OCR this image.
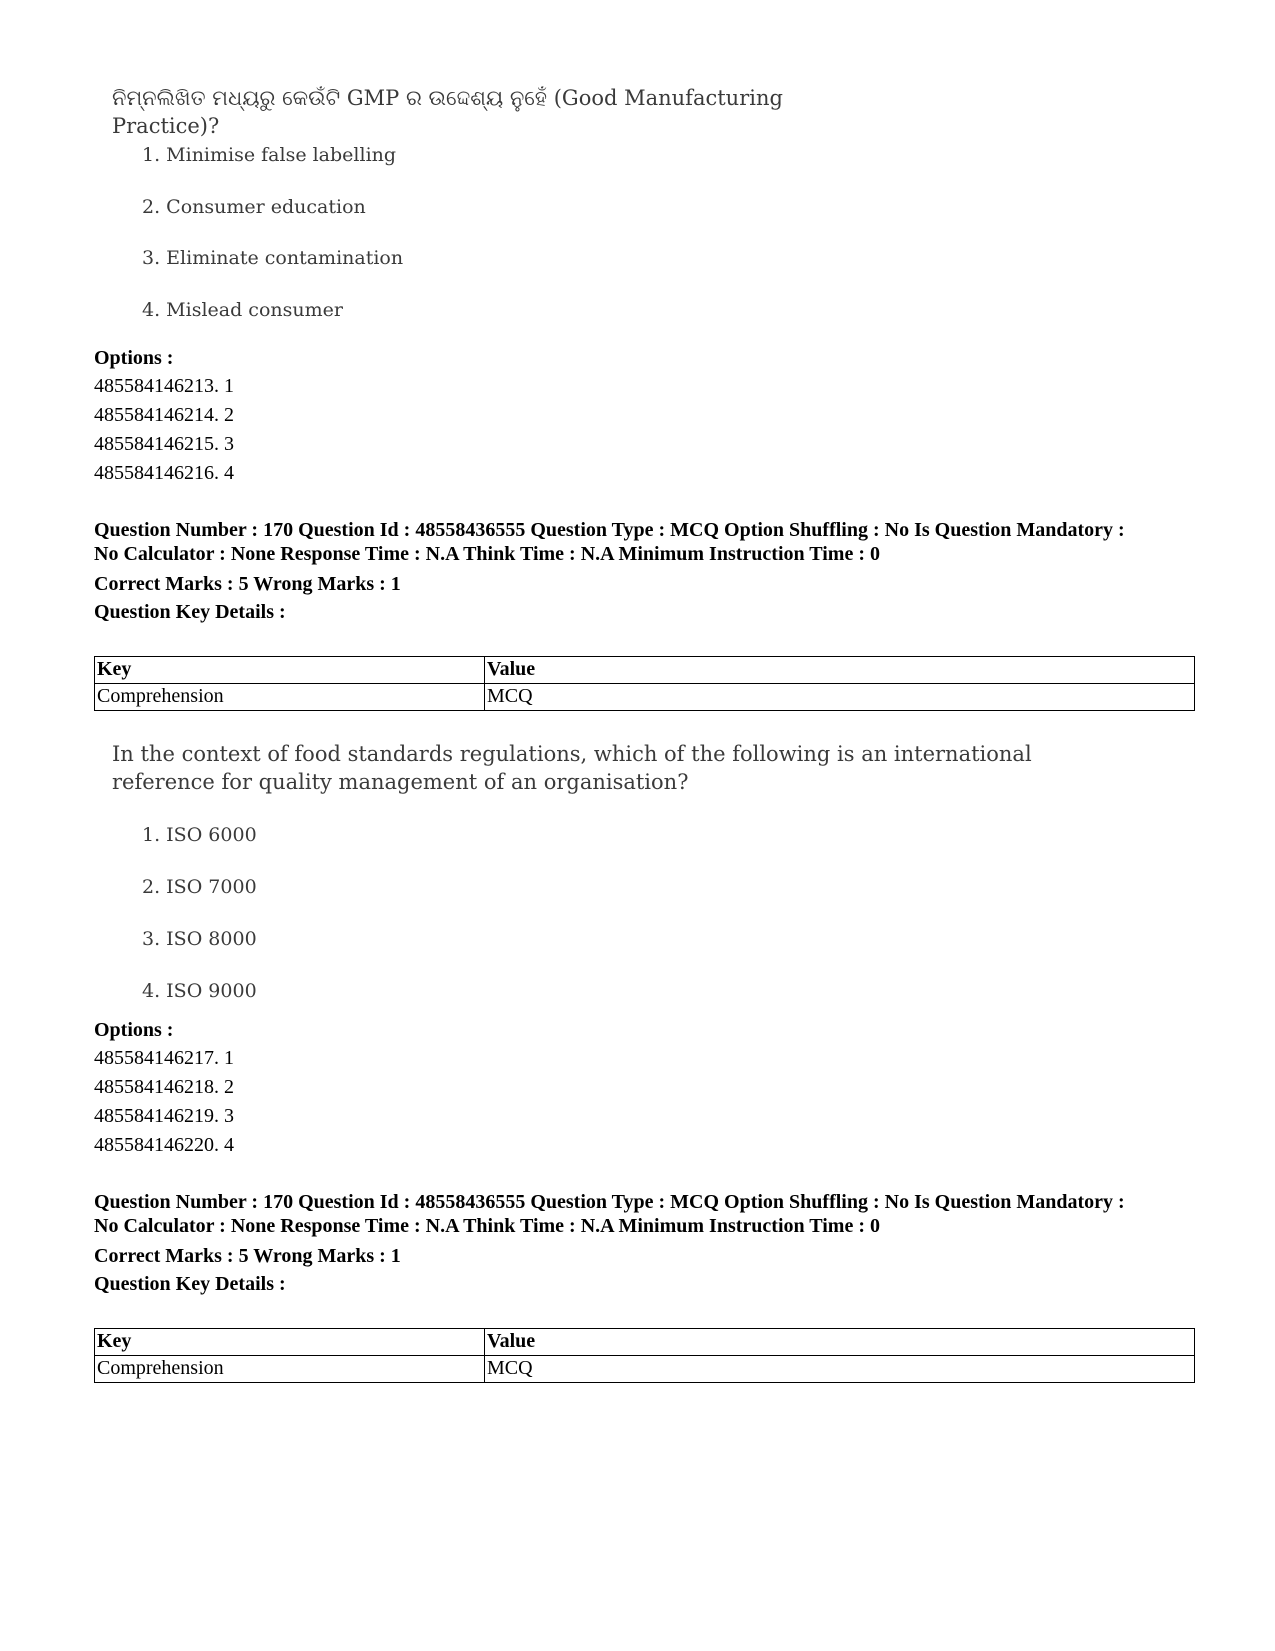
ନିମ୍ନଲିଖିତ ମଧ୍ୟରୁ କେଉଁଟି GMP ର ଉଦ୍ଦେଶ୍ୟ ନୁହେଁ (Good Manufacturing Practice)?

1. Minimise false labelling
2. Consumer education
3. Eliminate contamination
4. Mislead consumer

Options :

485584146213. 1

485584146214. 2

485584146215. 3

485584146216. 4

Question Number : 170 Question Id : 48558436555 Question Type : MCQ Option Shuffling : No Is Question Mandatory :

No Calculator : None Response Time : N.A Think Time : N.A Minimum Instruction Time : 0

Correct Marks : 5 Wrong Marks : 1

Question Key Details :

Key	Value
Comprehension	MCQ

In the context of food standards regulations, which of the following is an international reference for quality management of an organisation?

1. ISO 6000
2. ISO 7000
3. ISO 8000
4. ISO 9000

Options :

485584146217. 1

485584146218. 2

485584146219. 3

485584146220. 4

Question Number : 170 Question Id : 48558436555 Question Type : MCQ Option Shuffling : No Is Question Mandatory :

No Calculator : None Response Time : N.A Think Time : N.A Minimum Instruction Time : 0

Correct Marks : 5 Wrong Marks : 1

Question Key Details :

Key	Value
Comprehension	MCQ
